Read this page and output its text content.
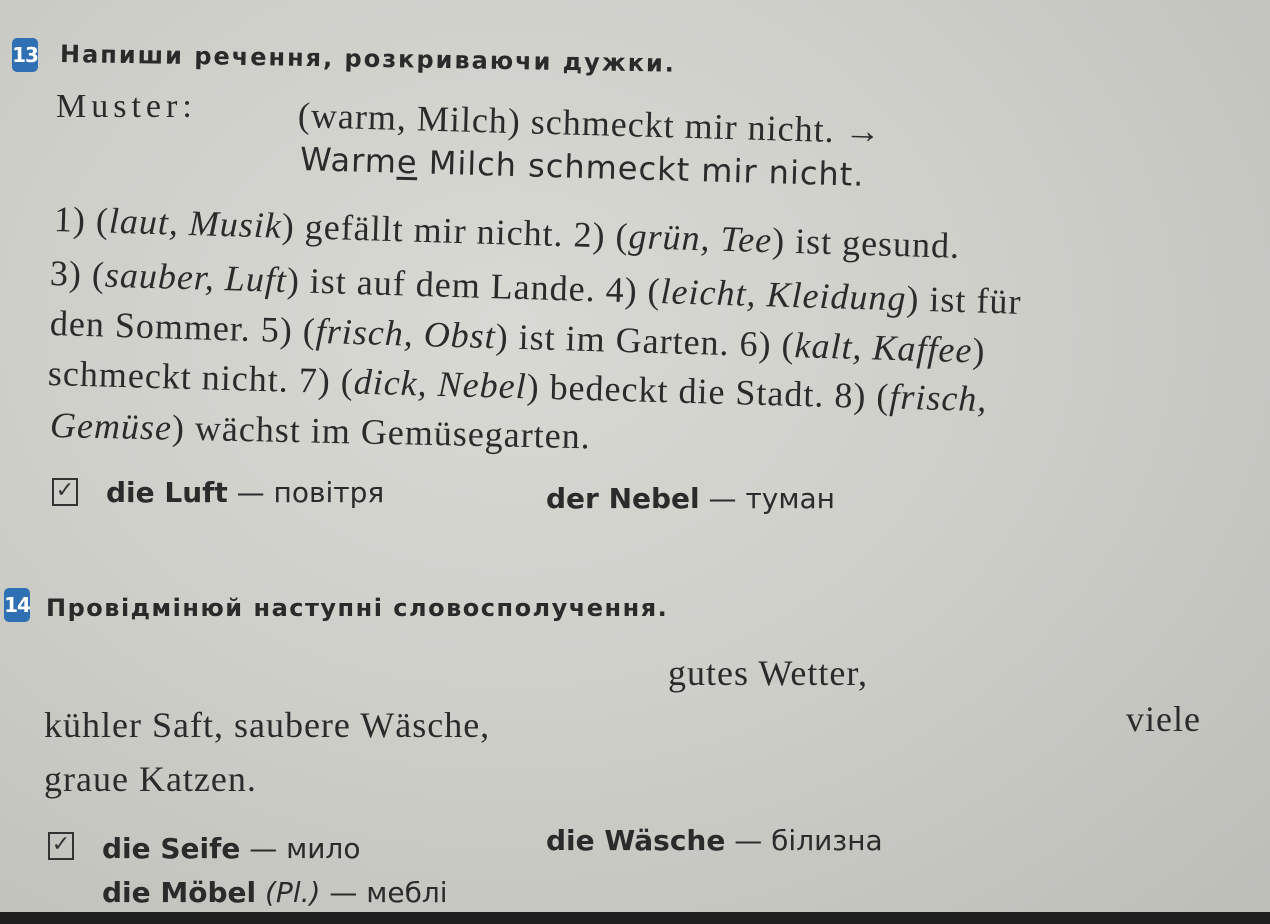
13 Напиши речення, розкриваючи дужки.
Muster:	(warm, Milch) schmeckt mir nicht. →
Warme Milch schmeckt mir nicht.
1) (laut, Musik) gefällt mir nicht. 2) (grün, Tee) ist gesund.
3) (sauber, Luft) ist auf dem Lande. 4) (leicht, Kleidung) ist für
den Sommer. 5) (frisch, Obst) ist im Garten. 6) (kalt, Kaffee)
schmeckt nicht. 7) (dick, Nebel) bedeckt die Stadt. 8) (frisch,
Gemüse) wächst im Gemüsegarten.
✓ die Luft — повітря	der Nebel — туман
14 Провідмінюй наступні словосполучення.
gutes Wetter,
kühler Saft, saubere Wäsche,	viele
graue Katzen.
✓ die Seife — мило	die Wäsche — білизна
die Möbel (Pl.) — меблі
